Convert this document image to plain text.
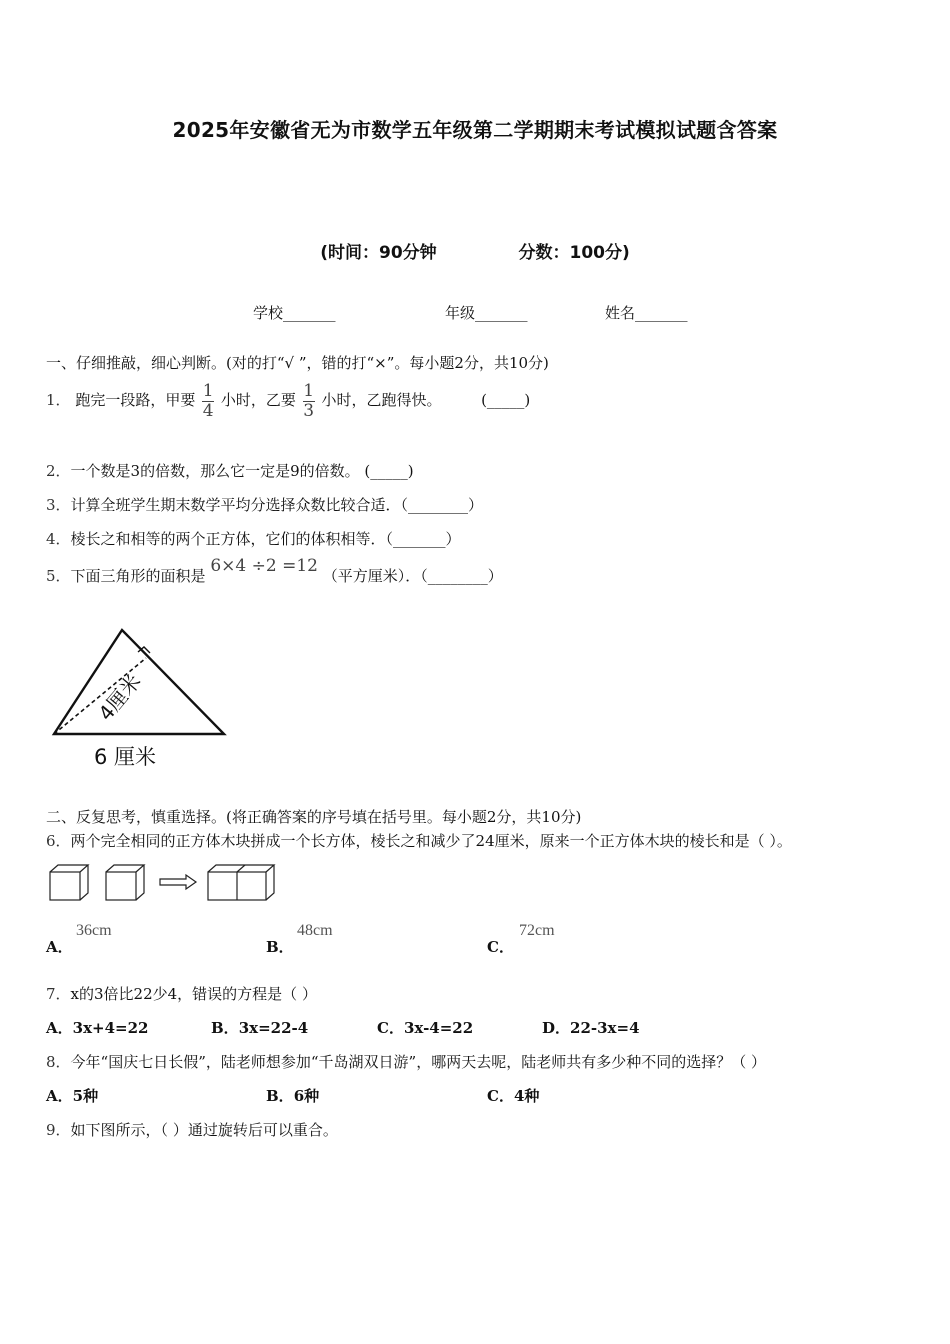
2025年安徽省无为市数学五年级第二学期期末考试模拟试题含答案
(时间：90分钟	分数：100分)
学校_______	年级_______	姓名_______
一、仔细推敲，细心判断。(对的打“√ ”，错的打“×”。每小题2分，共10分)
1． 跑完一段路，甲要 $\frac{1}{4}$ 小时，乙要 $\frac{1}{3}$ 小时，乙跑得快。	(_____)
2．一个数是3的倍数，那么它一定是9的倍数。 (_____)
3．计算全班学生期末数学平均分选择众数比较合适．（________）
4．棱长之和相等的两个正方体，它们的体积相等．（_______）
5．下面三角形的面积是 6×4 ÷2 =12 （平方厘米）．（________）
4厘米
6 厘米
二、反复思考，慎重选择。(将正确答案的序号填在括号里。每小题2分，共10分)
6．两个完全相同的正方体木块拼成一个长方体，棱长之和减少了24厘米，原来一个正方体木块的棱长和是（ ）。
A．
36cm
B．
48cm
C．
72cm
7．x的3倍比22少4，错误的方程是（ ）
A．3x+4=22	B．3x=22-4	C．3x-4=22	D．22-3x=4
8．今年“国庆七日长假”，陆老师想参加“千岛湖双日游”，哪两天去呢，陆老师共有多少种不同的选择？（ ）
A．5种	B．6种	C．4种
9．如下图所示，（ ）通过旋转后可以重合。
